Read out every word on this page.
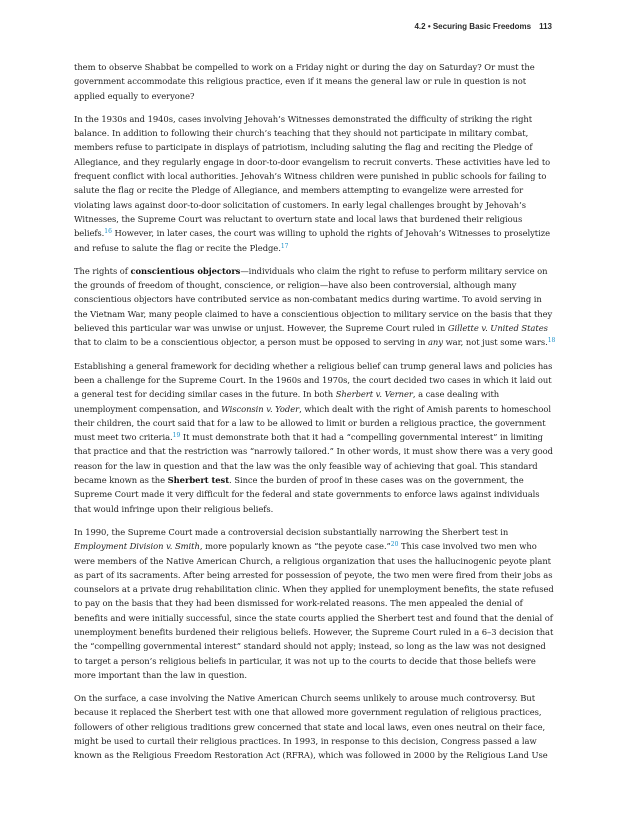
4.2 • Securing Basic Freedoms 113

them to observe Shabbat be compelled to work on a Friday night or during the day on Saturday? Or must the government accommodate this religious practice, even if it means the general law or rule in question is not applied equally to everyone?

In the 1930s and 1940s, cases involving Jehovah’s Witnesses demonstrated the difficulty of striking the right balance. In addition to following their church’s teaching that they should not participate in military combat, members refuse to participate in displays of patriotism, including saluting the flag and reciting the Pledge of Allegiance, and they regularly engage in door-to-door evangelism to recruit converts. These activities have led to frequent conflict with local authorities. Jehovah’s Witness children were punished in public schools for failing to salute the flag or recite the Pledge of Allegiance, and members attempting to evangelize were arrested for violating laws against door-to-door solicitation of customers. In early legal challenges brought by Jehovah’s Witnesses, the Supreme Court was reluctant to overturn state and local laws that burdened their religious beliefs.$^{16}$ However, in later cases, the court was willing to uphold the rights of Jehovah’s Witnesses to proselytize and refuse to salute the flag or recite the Pledge.$^{17}$

The rights of conscientious objectors—individuals who claim the right to refuse to perform military service on the grounds of freedom of thought, conscience, or religion—have also been controversial, although many conscientious objectors have contributed service as non-combatant medics during wartime. To avoid serving in the Vietnam War, many people claimed to have a conscientious objection to military service on the basis that they believed this particular war was unwise or unjust. However, the Supreme Court ruled in Gillette v. United States that to claim to be a conscientious objector, a person must be opposed to serving in any war, not just some wars.$^{18}$

Establishing a general framework for deciding whether a religious belief can trump general laws and policies has been a challenge for the Supreme Court. In the 1960s and 1970s, the court decided two cases in which it laid out a general test for deciding similar cases in the future. In both Sherbert v. Verner, a case dealing with unemployment compensation, and Wisconsin v. Yoder, which dealt with the right of Amish parents to homeschool their children, the court said that for a law to be allowed to limit or burden a religious practice, the government must meet two criteria.$^{19}$ It must demonstrate both that it had a “compelling governmental interest” in limiting that practice and that the restriction was “narrowly tailored.” In other words, it must show there was a very good reason for the law in question and that the law was the only feasible way of achieving that goal. This standard became known as the Sherbert test. Since the burden of proof in these cases was on the government, the Supreme Court made it very difficult for the federal and state governments to enforce laws against individuals that would infringe upon their religious beliefs.

In 1990, the Supreme Court made a controversial decision substantially narrowing the Sherbert test in Employment Division v. Smith, more popularly known as “the peyote case.”$^{20}$ This case involved two men who were members of the Native American Church, a religious organization that uses the hallucinogenic peyote plant as part of its sacraments. After being arrested for possession of peyote, the two men were fired from their jobs as counselors at a private drug rehabilitation clinic. When they applied for unemployment benefits, the state refused to pay on the basis that they had been dismissed for work-related reasons. The men appealed the denial of benefits and were initially successful, since the state courts applied the Sherbert test and found that the denial of unemployment benefits burdened their religious beliefs. However, the Supreme Court ruled in a 6–3 decision that the “compelling governmental interest” standard should not apply; instead, so long as the law was not designed to target a person’s religious beliefs in particular, it was not up to the courts to decide that those beliefs were more important than the law in question.

On the surface, a case involving the Native American Church seems unlikely to arouse much controversy. But because it replaced the Sherbert test with one that allowed more government regulation of religious practices, followers of other religious traditions grew concerned that state and local laws, even ones neutral on their face, might be used to curtail their religious practices. In 1993, in response to this decision, Congress passed a law known as the Religious Freedom Restoration Act (RFRA), which was followed in 2000 by the Religious Land Use
